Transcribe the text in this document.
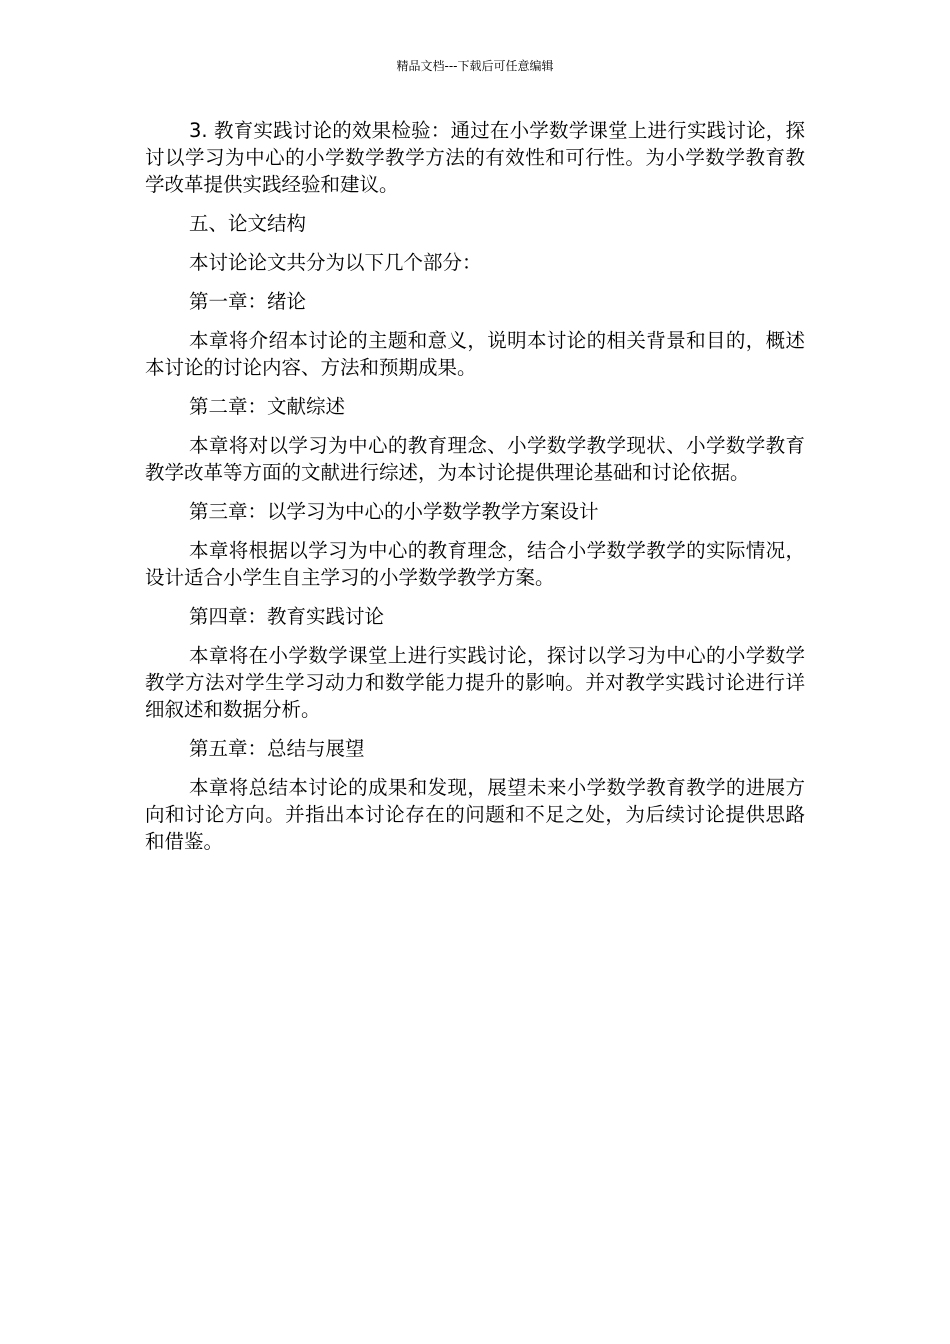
精品文档---下载后可任意编辑

3. 教育实践讨论的效果检验：通过在小学数学课堂上进行实践讨论，探讨以学习为中心的小学数学教学方法的有效性和可行性。为小学数学教育教学改革提供实践经验和建议。

五、论文结构

本讨论论文共分为以下几个部分：

第一章：绪论

本章将介绍本讨论的主题和意义，说明本讨论的相关背景和目的，概述本讨论的讨论内容、方法和预期成果。

第二章：文献综述

本章将对以学习为中心的教育理念、小学数学教学现状、小学数学教育教学改革等方面的文献进行综述，为本讨论提供理论基础和讨论依据。

第三章：以学习为中心的小学数学教学方案设计

本章将根据以学习为中心的教育理念，结合小学数学教学的实际情况，设计适合小学生自主学习的小学数学教学方案。

第四章：教育实践讨论

本章将在小学数学课堂上进行实践讨论，探讨以学习为中心的小学数学教学方法对学生学习动力和数学能力提升的影响。并对教学实践讨论进行详细叙述和数据分析。

第五章：总结与展望

本章将总结本讨论的成果和发现，展望未来小学数学教育教学的进展方向和讨论方向。并指出本讨论存在的问题和不足之处，为后续讨论提供思路和借鉴。
